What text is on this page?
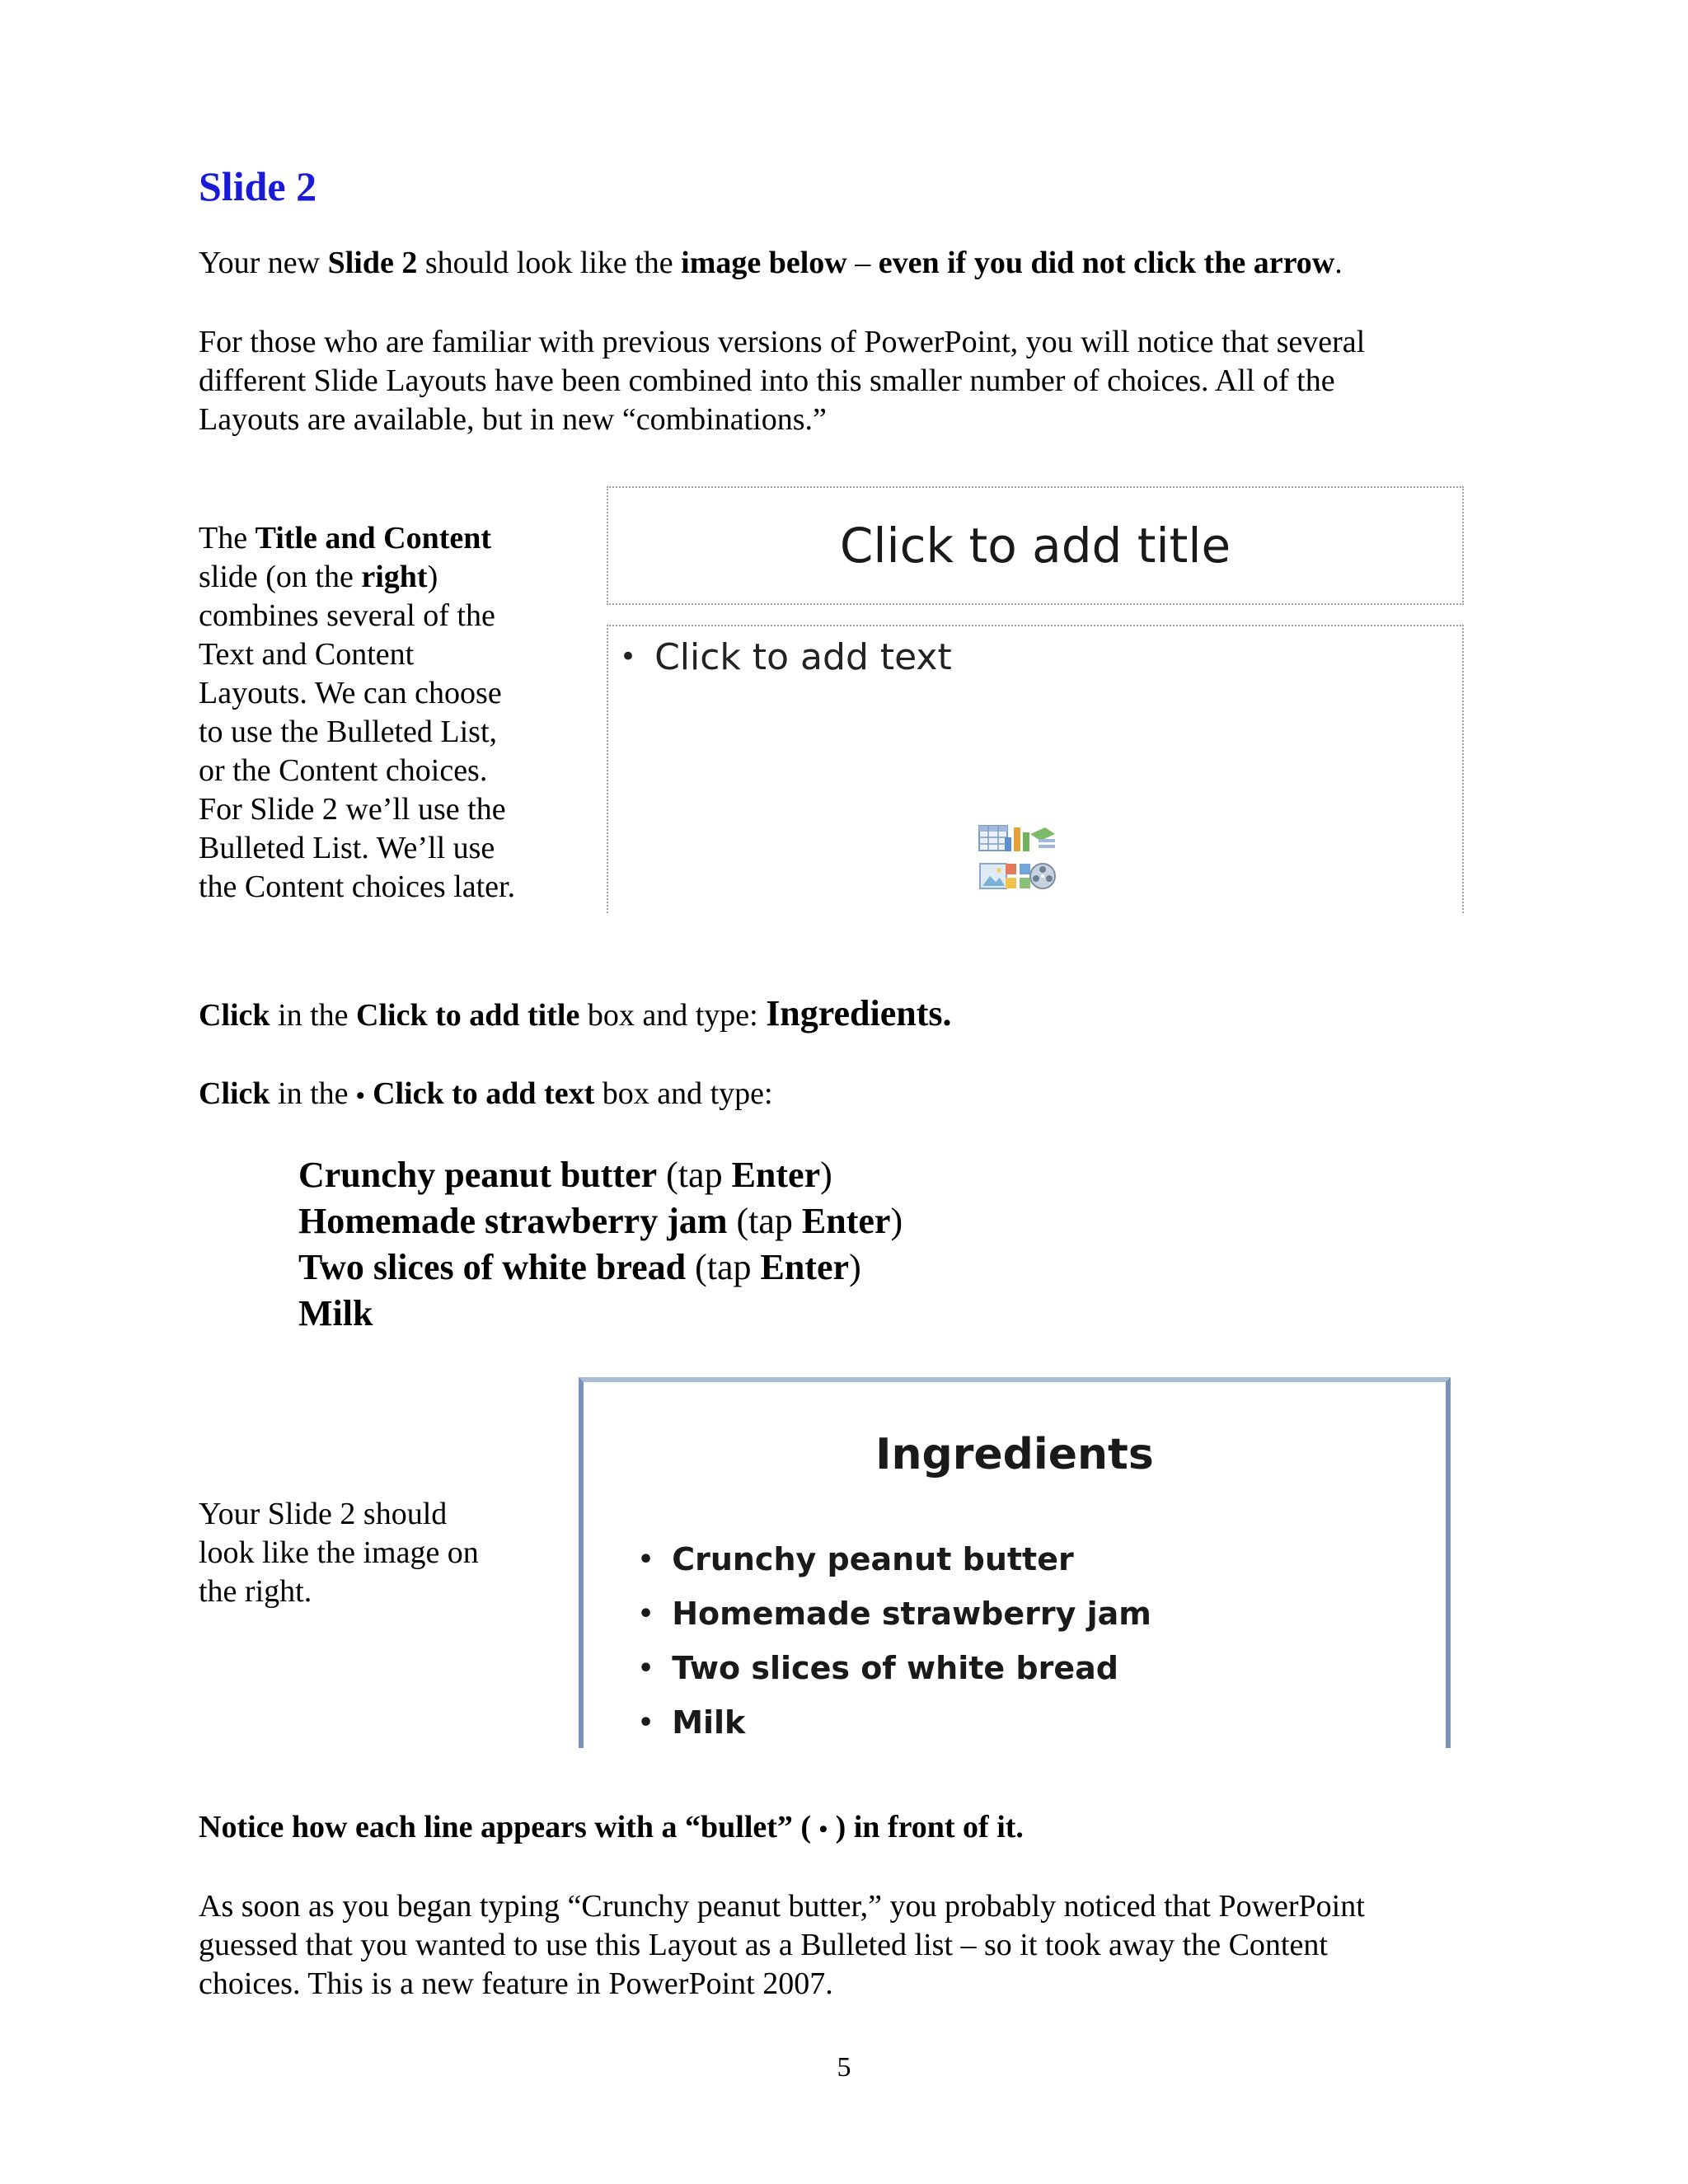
Slide 2
Your new Slide 2 should look like the image below – even if you did not click the arrow.
For those who are familiar with previous versions of PowerPoint, you will notice that several
different Slide Layouts have been combined into this smaller number of choices. All of the
Layouts are available, but in new “combinations.”
The Title and Content
slide (on the right)
combines several of the
Text and Content
Layouts. We can choose
to use the Bulleted List,
or the Content choices.
For Slide 2 we’ll use the
Bulleted List. We’ll use
the Content choices later.
Click to add title
• Click to add text
Click in the Click to add title box and type: Ingredients.
Click in the • Click to add text box and type:
Crunchy peanut butter (tap Enter)
Homemade strawberry jam (tap Enter)
Two slices of white bread (tap Enter)
Milk
Your Slide 2 should
look like the image on
the right.
Ingredients
• Crunchy peanut butter
• Homemade strawberry jam
• Two slices of white bread
• Milk
Notice how each line appears with a “bullet” ( • ) in front of it.
As soon as you began typing “Crunchy peanut butter,” you probably noticed that PowerPoint
guessed that you wanted to use this Layout as a Bulleted list – so it took away the Content
choices. This is a new feature in PowerPoint 2007.
5
